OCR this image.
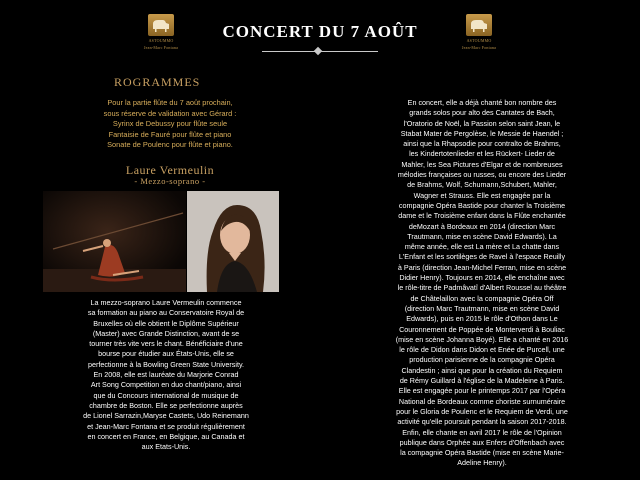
ASTOUMMO
Jean-Marc Fontana
ASTOUMMO
Jean-Marc Fontana
CONCERT DU 7 AOÛT
ROGRAMMES
Pour la partie flûte du 7 août prochain,
sous réserve de validation avec Gérard :
Syrinx de Debussy pour flûte seule
Fantaisie de Fauré pour flûte et piano
Sonate de Poulenc pour flûte et piano.
Laure Vermeulin
- Mezzo-soprano -
La mezzo-soprano Laure Vermeulin commence
sa formation au piano au Conservatoire Royal de
Bruxelles où elle obtient le Diplôme Supérieur
(Master) avec Grande Distinction, avant de se
tourner très vite vers le chant. Bénéficiaire d'une
bourse pour étudier aux États-Unis, elle se
perfectionne à la Bowling Green State University.
En 2008, elle est lauréate du Marjorie Conrad
Art Song Competition en duo chant/piano, ainsi
que du Concours international de musique de
chambre de Boston. Elle se perfectionne auprès
de Lionel Sarrazin,Maryse Castets, Udo Reinemann
et Jean-Marc Fontana et se produit régulièrement
en concert en France, en Belgique, au Canada et
aux Etats-Unis.
En concert, elle a déjà chanté bon nombre des
grands solos pour alto des Cantates de Bach,
l'Oratorio de Noël, la Passion selon saint Jean, le
Stabat Mater de Pergolèse, le Messie de Haendel ;
ainsi que la Rhapsodie pour contralto de Brahms,
les Kindertotenlieder et les Rückert- Lieder de
Mahler, les Sea Pictures d'Elgar et de nombreuses
mélodies françaises ou russes, ou encore des Lieder
de Brahms, Wolf, Schumann,Schubert, Mahler,
Wagner et Strauss. Elle est engagée par la
compagnie Opéra Bastide pour chanter la Troisième
dame et le Troisième enfant dans la Flûte enchantée
deMozart à Bordeaux en 2014 (direction Marc
Trautmann, mise en scène David Edwards). La
même année, elle est La mère et La chatte dans
L'Enfant et les sortilèges de Ravel à l'espace Reuilly
à Paris (direction Jean-Michel Ferran, mise en scène
Didier Henry). Toujours en 2014, elle enchaîne avec
le rôle-titre de Padmâvatî d'Albert Roussel au théâtre
de Châtelaillon avec la compagnie Opéra Off
(direction Marc Trautmann, mise en scène David
Edwards), puis en 2015 le rôle d'Othon dans Le
Couronnement de Poppée de Monterverdi à Bouliac
(mise en scène Johanna Boyé). Elle a chanté en 2016
le rôle de Didon dans Didon et Enée de Purcell, une
production parisienne de la compagnie Opéra
Clandestin ; ainsi que pour la création du Requiem
de Rémy Guillard à l'église de la Madeleine à Paris.
Elle est engagée pour le printemps 2017 par l'Opéra
National de Bordeaux comme choriste surnuméraire
pour le Gloria de Poulenc et le Requiem de Verdi, une
activité qu'elle poursuit pendant la saison 2017-2018.
Enfin, elle chante en avril 2017 le rôle de l'Opinion
publique dans Orphée aux Enfers d'Offenbach avec
la compagnie Opéra Bastide (mise en scène Marie-
Adeline Henry).
